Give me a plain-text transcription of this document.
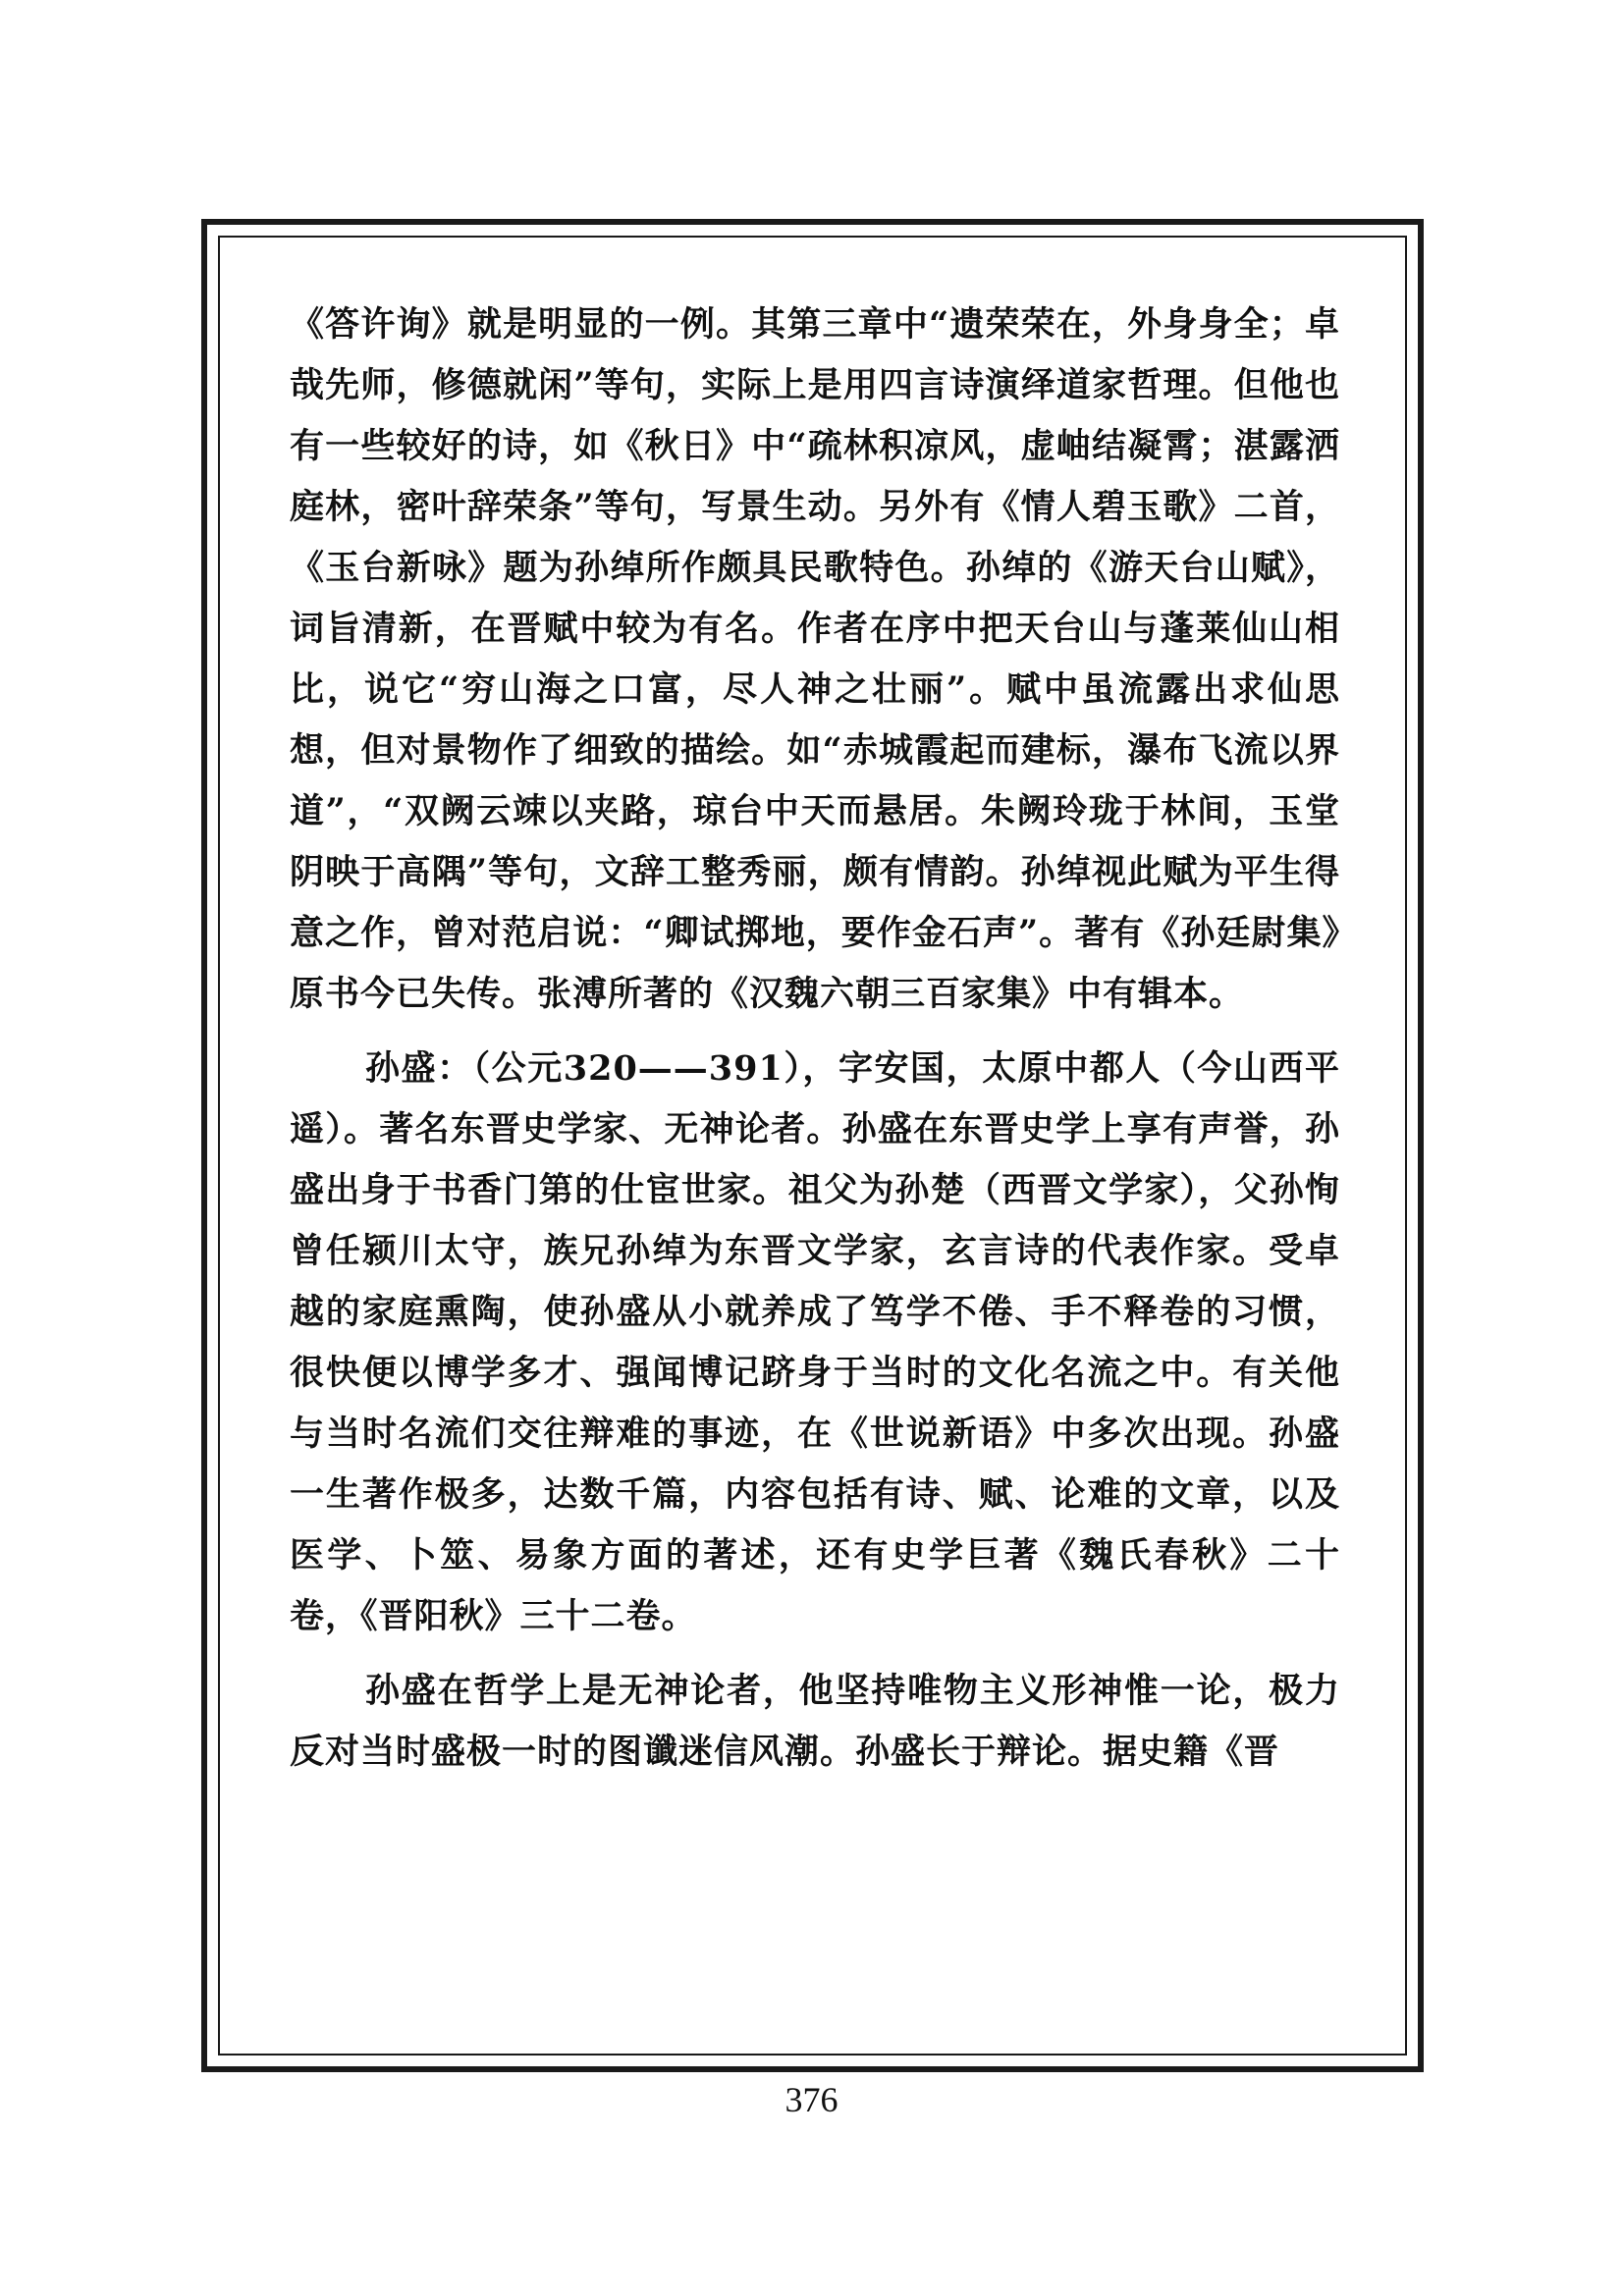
《答许询》就是明显的一例。其第三章中“遗荣荣在，外身身全；卓哉先师，修德就闲”等句，实际上是用四言诗演绎道家哲理。但他也有一些较好的诗，如《秋日》中“疏林积凉风，虚岫结凝霄；湛露洒庭林，密叶辞荣条”等句，写景生动。另外有《情人碧玉歌》二首，《玉台新咏》题为孙绰所作颇具民歌特色。孙绰的《游天台山赋》，词旨清新，在晋赋中较为有名。作者在序中把天台山与蓬莱仙山相比，说它“穷山海之口富，尽人神之壮丽”。赋中虽流露出求仙思想，但对景物作了细致的描绘。如“赤城霞起而建标，瀑布飞流以界道”，“双阙云竦以夹路，琼台中天而悬居。朱阙玲珑于林间，玉堂阴映于高隅”等句，文辞工整秀丽，颇有情韵。孙绰视此赋为平生得意之作，曾对范启说：“卿试掷地，要作金石声”。著有《孙廷尉集》原书今已失传。张溥所著的《汉魏六朝三百家集》中有辑本。

孙盛：（公元320——391），字安国，太原中都人（今山西平遥）。著名东晋史学家、无神论者。孙盛在东晋史学上享有声誉，孙盛出身于书香门第的仕宦世家。祖父为孙楚（西晋文学家），父孙恂曾任颍川太守，族兄孙绰为东晋文学家，玄言诗的代表作家。受卓越的家庭熏陶，使孙盛从小就养成了笃学不倦、手不释卷的习惯，很快便以博学多才、强闻博记跻身于当时的文化名流之中。有关他与当时名流们交往辩难的事迹，在《世说新语》中多次出现。孙盛一生著作极多，达数千篇，内容包括有诗、赋、论难的文章，以及医学、卜筮、易象方面的著述，还有史学巨著《魏氏春秋》二十卷，《晋阳秋》三十二卷。

孙盛在哲学上是无神论者，他坚持唯物主义形神惟一论，极力反对当时盛极一时的图谶迷信风潮。孙盛长于辩论。据史籍《晋

376
